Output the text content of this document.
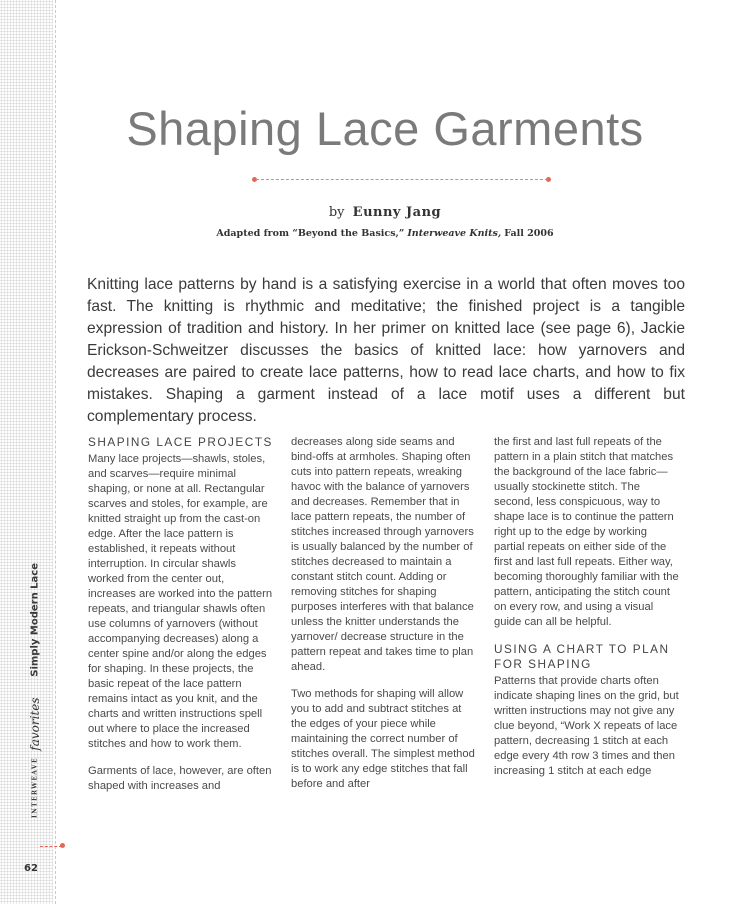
INTERWEAVE favorites  Simply Modern Lace
62
Shaping Lace Garments
by Eunny Jang
Adapted from “Beyond the Basics,” Interweave Knits, Fall 2006

Knitting lace patterns by hand is a satisfying exercise in a world that often moves too fast. The knitting is rhythmic and meditative; the finished project is a tangible expression of tradition and history. In her primer on knitted lace (see page 6), Jackie Erickson-Schweitzer discusses the basics of knitted lace: how yarnovers and decreases are paired to create lace patterns, how to read lace charts, and how to fix mistakes. Shaping a garment instead of a lace motif uses a different but complementary process.

SHAPING LACE PROJECTS

Many lace projects—shawls, stoles, and scarves—require minimal shaping, or none at all. Rectangular scarves and stoles, for example, are knitted straight up from the cast-on edge. After the lace pattern is established, it repeats without interruption. In circular shawls worked from the center out, increases are worked into the pattern repeats, and triangular shawls often use columns of yarnovers (without accompanying decreases) along a center spine and/or along the edges for shaping. In these projects, the basic repeat of the lace pattern remains intact as you knit, and the charts and written instructions spell out where to place the increased stitches and how to work them.

Garments of lace, however, are often shaped with increases and

decreases along side seams and bind-offs at armholes. Shaping often cuts into pattern repeats, wreaking havoc with the balance of yarnovers and decreases. Remember that in lace pattern repeats, the number of stitches increased through yarnovers is usually balanced by the number of stitches decreased to maintain a constant stitch count. Adding or removing stitches for shaping purposes interferes with that balance unless the knitter understands the yarnover/ decrease structure in the pattern repeat and takes time to plan ahead.

Two methods for shaping will allow you to add and subtract stitches at the edges of your piece while maintaining the correct number of stitches overall. The simplest method is to work any edge stitches that fall before and after

the first and last full repeats of the pattern in a plain stitch that matches the background of the lace fabric—usually stockinette stitch. The second, less conspicuous, way to shape lace is to continue the pattern right up to the edge by working partial repeats on either side of the first and last full repeats. Either way, becoming thoroughly familiar with the pattern, anticipating the stitch count on every row, and using a visual guide can all be helpful.

USING A CHART TO PLAN FOR SHAPING

Patterns that provide charts often indicate shaping lines on the grid, but written instructions may not give any clue beyond, “Work X repeats of lace pattern, decreasing 1 stitch at each edge every 4th row 3 times and then increasing 1 stitch at each edge
